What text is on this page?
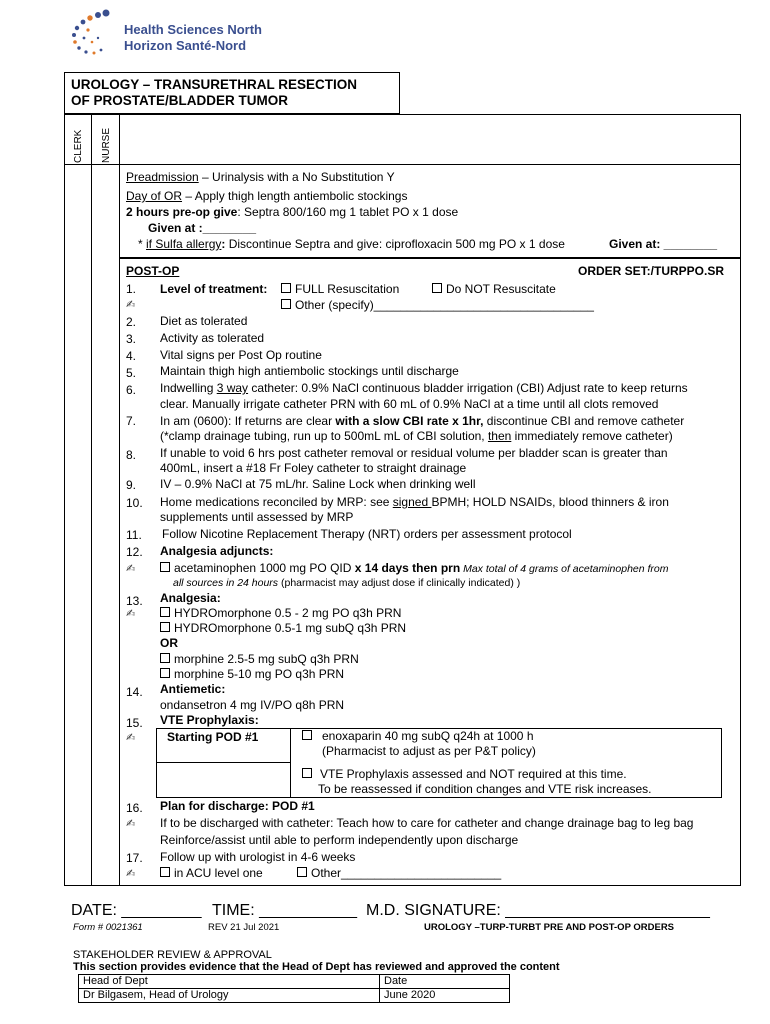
Health Sciences North
Horizon Santé-Nord
UROLOGY – TRANSURETHRAL RESECTION
OF PROSTATE/BLADDER TUMOR
CLERK NURSE
Preadmission – Urinalysis with a No Substitution Y
Day of OR – Apply thigh length antiembolic stockings
2 hours pre-op give: Septra 800/160 mg 1 tablet PO x 1 dose
Given at :________
* if Sulfa allergy: Discontinue Septra and give: ciprofloxacin 500 mg PO x 1 dose	Given at: ________
POST-OP	ORDER SET:/TURPPO.SR
1. Level of treatment:	FULL Resuscitation	Do NOT Resuscitate
✍	Other (specify)_________________________________
2. Diet as tolerated
3. Activity as tolerated
4. Vital signs per Post Op routine
5. Maintain thigh high antiembolic stockings until discharge
6. Indwelling 3 way catheter: 0.9% NaCl continuous bladder irrigation (CBI) Adjust rate to keep returns
clear. Manually irrigate catheter PRN with 60 mL of 0.9% NaCl at a time until all clots removed
7. In am (0600): If returns are clear with a slow CBI rate x 1hr, discontinue CBI and remove catheter
(*clamp drainage tubing, run up to 500mL mL of CBI solution, then immediately remove catheter)
8. If unable to void 6 hrs post catheter removal or residual volume per bladder scan is greater than
400mL, insert a #18 Fr Foley catheter to straight drainage
9. IV – 0.9% NaCl at 75 mL/hr. Saline Lock when drinking well
10. Home medications reconciled by MRP: see signed BPMH; HOLD NSAIDs, blood thinners & iron
supplements until assessed by MRP
11. Follow Nicotine Replacement Therapy (NRT) orders per assessment protocol
12. Analgesia adjuncts:
✍	acetaminophen 1000 mg PO QID x 14 days then prn Max total of 4 grams of acetaminophen from
all sources in 24 hours (pharmacist may adjust dose if clinically indicated) )
13. Analgesia:
✍	HYDROmorphone 0.5 - 2 mg PO q3h PRN
HYDROmorphone 0.5-1 mg subQ q3h PRN
OR
morphine 2.5-5 mg subQ q3h PRN
morphine 5-10 mg PO q3h PRN
14. Antiemetic:
ondansetron 4 mg IV/PO q8h PRN
15. VTE Prophylaxis:
✍	Starting POD #1	enoxaparin 40 mg subQ q24h at 1000 h
(Pharmacist to adjust as per P&T policy)
VTE Prophylaxis assessed and NOT required at this time.
To be reassessed if condition changes and VTE risk increases.
16. Plan for discharge: POD #1
✍ If to be discharged with catheter: Teach how to care for catheter and change drainage bag to leg bag
Reinforce/assist until able to perform independently upon discharge
17. Follow up with urologist in 4-6 weeks
✍	in ACU level one	Other________________________
DATE: _________ TIME: ___________ M.D. SIGNATURE: _______________________
Form # 0021361	REV 21 Jul 2021	UROLOGY –TURP-TURBT PRE AND POST-OP ORDERS
STAKEHOLDER REVIEW & APPROVAL
This section provides evidence that the Head of Dept has reviewed and approved the content
Head of Dept	Date
Dr Bilgasem, Head of Urology	June 2020
